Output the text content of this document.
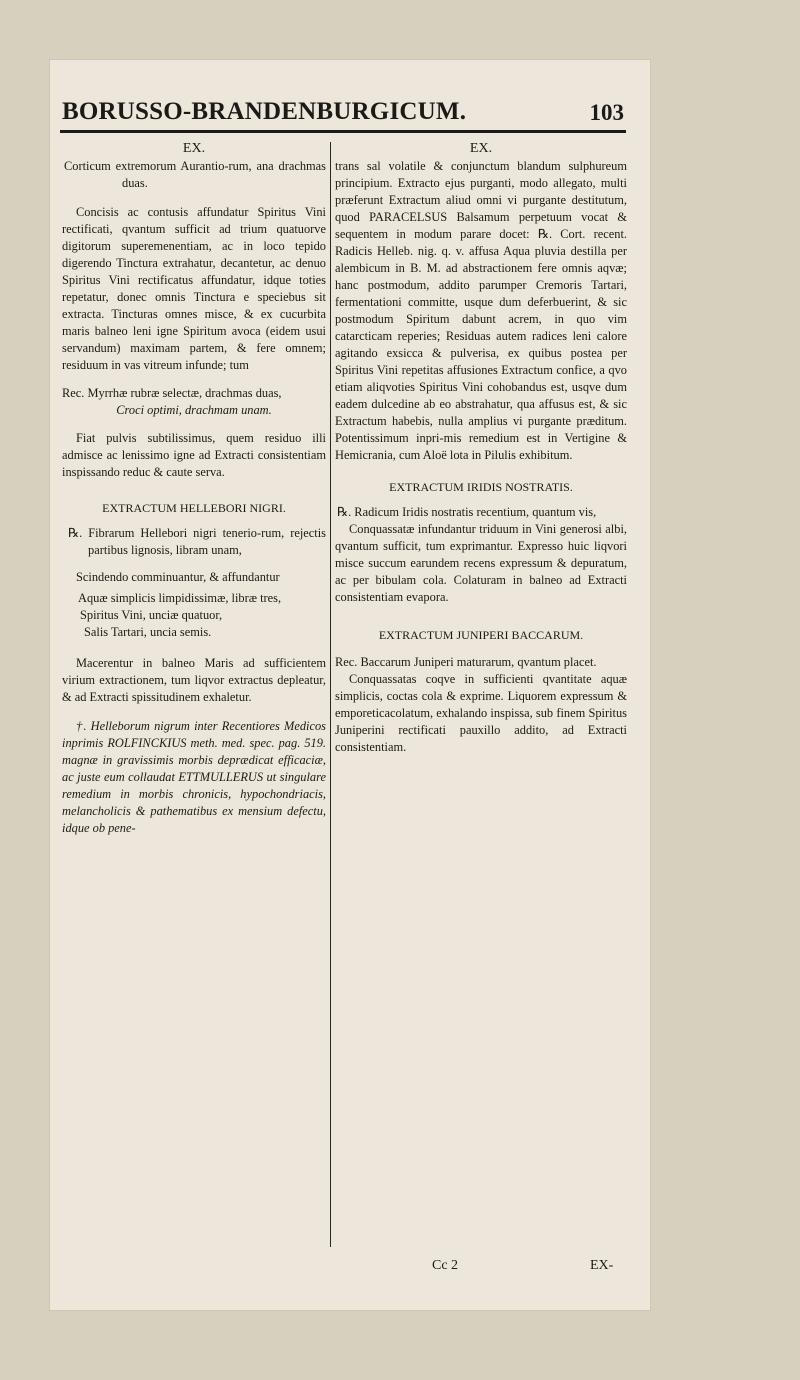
BORUSSO-BRANDENBURGICUM.	103
EX.

Corticum extremorum Aurantio-rum, ana drachmas duas.

Concisis ac contusis affundatur Spiritus Vini rectificati, qvantum sufficit ad trium quatuorve digitorum superemenentiam, ac in loco tepido digerendo Tinctura extrahatur, decantetur, ac denuo Spiritus Vini rectificatus affundatur, idque toties repetatur, donec omnis Tinctura e speciebus sit extracta. Tincturas omnes misce, & ex cucurbita maris balneo leni igne Spiritum avoca (eidem usui servandum) maximam partem, & fere omnem; residuum in vas vitreum infunde; tum

Rec. Myrrhæ rubræ selectæ, drachmas duas,

Croci optimi, drachmam unam.

Fiat pulvis subtilissimus, quem residuo illi admisce ac lenissimo igne ad Extracti consistentiam inspissando reduc & caute serva.

EXTRACTUM HELLEBORI NIGRI.

℞. Fibrarum Hellebori nigri tenerio-rum, rejectis partibus lignosis, libram unam,

Scindendo comminuantur, & affundantur

Aquæ simplicis limpidissimæ, libræ tres,

Spiritus Vini, unciæ quatuor,

Salis Tartari, uncia semis.

Macerentur in balneo Maris ad sufficientem virium extractionem, tum liqvor extractus depleatur, & ad Extracti spissitudinem exhaletur.

†. Helleborum nigrum inter Recentiores Medicos inprimis ROLFINCKIUS meth. med. spec. pag. 519. magnæ in gravissimis morbis deprædicat efficaciæ, ac juste eum collaudat ETTMULLERUS ut singulare remedium in morbis chronicis, hypochondriacis, melancholicis & pathematibus ex mensium defectu, idque ob pene-

EX.

trans sal volatile & conjunctum blandum sulphureum principium. Extracto ejus purganti, modo allegato, multi præferunt Extractum aliud omni vi purgante destitutum, quod PARACELSUS Balsamum perpetuum vocat & sequentem in modum parare docet: ℞. Cort. recent. Radicis Helleb. nig. q. v. affusa Aqua pluvia destilla per alembicum in B. M. ad abstractionem fere omnis aqvæ; hanc postmodum, addito parumper Cremoris Tartari, fermentationi committe, usque dum deferbuerint, & sic postmodum Spiritum dabunt acrem, in quo vim catarcticam reperies; Residuas autem radices leni calore agitando exsicca & pulverisa, ex quibus postea per Spiritus Vini repetitas affusiones Extractum confice, a qvo etiam aliqvoties Spiritus Vini cohobandus est, usqve dum eadem dulcedine ab eo abstrahatur, qua affusus est, & sic Extractum habebis, nulla amplius vi purgante præditum. Potentissimum inpri-mis remedium est in Vertigine & Hemicrania, cum Aloë lota in Pilulis exhibitum.

EXTRACTUM IRIDIS NOSTRATIS.

℞. Radicum Iridis nostratis recentium, quantum vis,

Conquassatæ infundantur triduum in Vini generosi albi, qvantum sufficit, tum exprimantur. Expresso huic liqvori misce succum earundem recens expressum & depuratum, ac per bibulam cola. Colaturam in balneo ad Extracti consistentiam evapora.

EXTRACTUM JUNIPERI BACCARUM.

Rec. Baccarum Juniperi maturarum, qvantum placet.

Conquassatas coqve in sufficienti qvantitate aquæ simplicis, coctas cola & exprime. Liquorem expressum & emporeticacolatum, exhalando inspissa, sub finem Spiritus Juniperini rectificati pauxillo addito, ad Extracti consistentiam.

Cc 2	EX-
